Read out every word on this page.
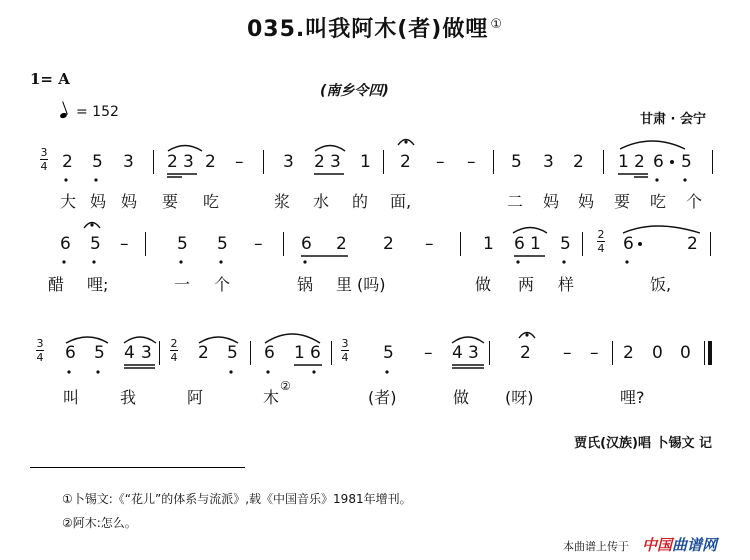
035.叫我阿木(者)做哩 ①
1= A
= 152
(南乡令四)
甘肃 · 会宁
3
4 2 5 3 2 3 2 – 3 2 3 1 2 – – 5 3 2 1 2 6 5
大 妈 妈 要 吃	浆 水 的 面,	二 妈 妈 要 吃 个
6 5 –	5 5 – 6 2 2 –	1 6 1 5 2
4 6	2
醋 哩;	一 个	锅 里 (吗)	做 两 样	饭,
3
4 6 5 4 3 2
4 2 5 6 1 6 3
4 5 – 4 3 2 – – 2 0 0
叫	我	阿	木
②
(者)	做 (呀)	哩?
贾氏(汉族)唱 卜锡文 记
①卜锡文:《“花儿”的体系与流派》,载《中国音乐》1981年增刊。
②阿木:怎么。
本曲谱上传于 中国曲谱网
